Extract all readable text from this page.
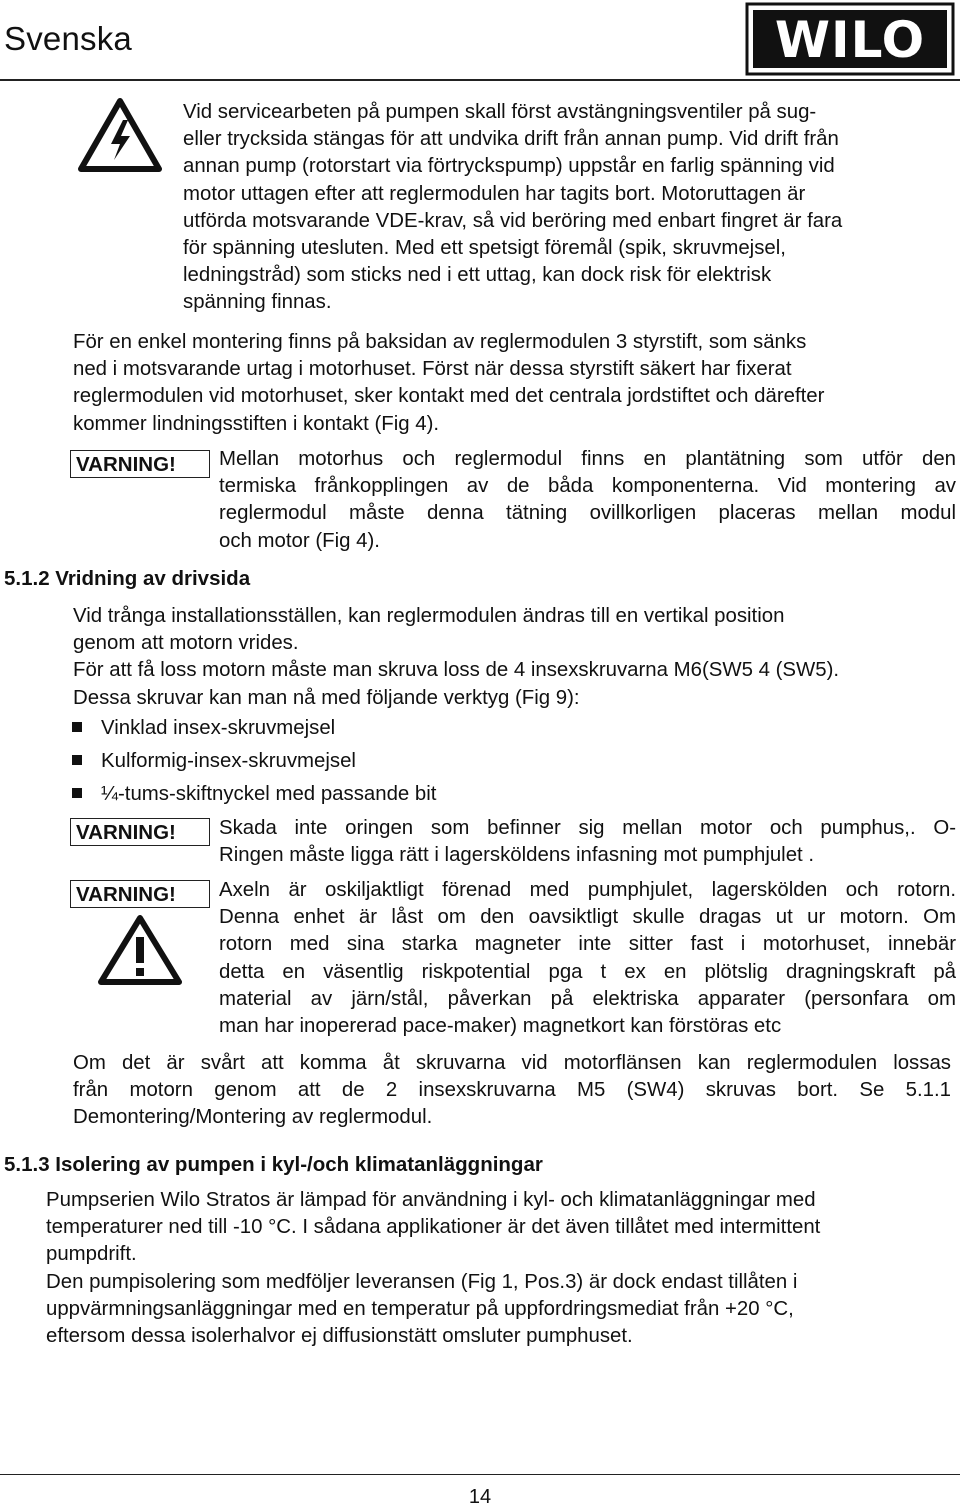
Svenska	WILO
Vid servicearbeten på pumpen skall först avstängningsventiler på sug-
eller trycksida stängas för att undvika drift från annan pump. Vid drift från
annan pump (rotorstart via förtryckspump) uppstår en farlig spänning vid
motor uttagen efter att reglermodulen har tagits bort. Motoruttagen är
utförda motsvarande VDE-krav, så vid beröring med enbart fingret är fara
för spänning utesluten. Med ett spetsigt föremål (spik, skruvmejsel,
ledningstråd) som sticks ned i ett uttag, kan dock risk för elektrisk
spänning finnas.
För en enkel montering finns på baksidan av reglermodulen 3 styrstift, som sänks
ned i motsvarande urtag i motorhuset. Först när dessa styrstift säkert har fixerat
reglermodulen vid motorhuset, sker kontakt med det centrala jordstiftet och därefter
kommer lindningsstiften i kontakt (Fig 4).
VARNING!	Mellan motorhus och reglermodul finns en plantätning som utför den
termiska frånkopplingen av de båda komponenterna. Vid montering av
reglermodul måste denna tätning ovillkorligen placeras mellan modul
och motor (Fig 4).
5.1.2 Vridning av drivsida
Vid trånga installationsställen, kan reglermodulen ändras till en vertikal position
genom att motorn vrides.
För att få loss motorn måste man skruva loss de 4 insexskruvarna M6(SW5 4 (SW5).
Dessa skruvar kan man nå med följande verktyg (Fig 9):
Vinklad insex-skruvmejsel
Kulformig-insex-skruvmejsel
¼-tums-skiftnyckel med passande bit
VARNING!	Skada inte oringen som befinner sig mellan motor och pumphus,. O-
Ringen måste ligga rätt i lagersköldens infasning mot pumphjulet .
VARNING!	Axeln är oskiljaktligt förenad med pumphjulet, lagerskölden och rotorn.
Denna enhet är låst om den oavsiktligt skulle dragas ut ur motorn. Om
rotorn med sina starka magneter inte sitter fast i motorhuset, innebär
detta en väsentlig riskpotential pga t ex en plötslig dragningskraft på
material av järn/stål, påverkan på elektriska apparater (personfara om
man har inopererad pace-maker) magnetkort kan förstöras etc
Om det är svårt att komma åt skruvarna vid motorflänsen kan reglermodulen lossas
från motorn genom att de 2 insexskruvarna M5 (SW4) skruvas bort. Se 5.1.1
Demontering/Montering av reglermodul.
5.1.3 Isolering av pumpen i kyl-/och klimatanläggningar
Pumpserien Wilo Stratos är lämpad för användning i kyl- och klimatanläggningar med
temperaturer ned till -10 °C. I sådana applikationer är det även tillåtet med intermittent
pumpdrift.
Den pumpisolering som medföljer leveransen (Fig 1, Pos.3) är dock endast tillåten i
uppvärmningsanläggningar med en temperatur på uppfordringsmediat från +20 °C,
eftersom dessa isolerhalvor ej diffusionstätt omsluter pumphuset.
14
